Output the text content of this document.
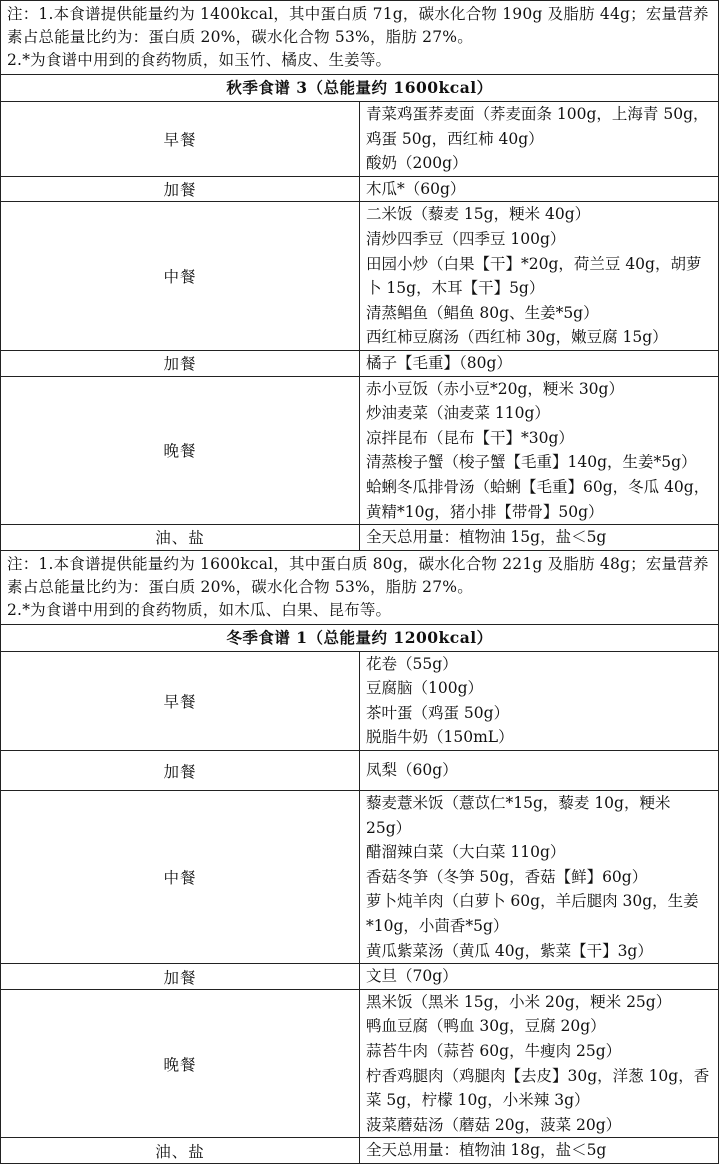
注：1.本食谱提供能量约为 1400kcal，其中蛋白质 71g，碳水化合物 190g 及脂肪 44g；宏量营养素占总能量比约为：蛋白质 20%，碳水化合物 53%，脂肪 27%。
2.*为食谱中用到的食药物质，如玉竹、橘皮、生姜等。	

秋季食谱 3（总能量约 1600kcal）	
早餐	青菜鸡蛋荞麦面（荞麦面条 100g，上海青 50g，鸡蛋 50g，西红柿 40g）
酸奶（200g）

加餐	木瓜*（60g）

中餐	二米饭（藜麦 15g，粳米 40g）
清炒四季豆（四季豆 100g）
田园小炒（白果【干】*20g，荷兰豆 40g，胡萝卜 15g，木耳【干】5g）
清蒸鲳鱼（鲳鱼 80g、生姜*5g）
西红柿豆腐汤（西红柿 30g，嫩豆腐 15g）

加餐	橘子【毛重】（80g）

晚餐	赤小豆饭（赤小豆*20g，粳米 30g）
炒油麦菜（油麦菜 110g）
凉拌昆布（昆布【干】*30g）
清蒸梭子蟹（梭子蟹【毛重】140g，生姜*5g）
蛤蜊冬瓜排骨汤（蛤蜊【毛重】60g，冬瓜 40g，黄精*10g，猪小排【带骨】50g）

油、盐	全天总用量：植物油 15g，盐＜5g

注：1.本食谱提供能量约为 1600kcal，其中蛋白质 80g，碳水化合物 221g 及脂肪 48g；宏量营养素占总能量比约为：蛋白质 20%，碳水化合物 53%，脂肪 27%。
2.*为食谱中用到的食药物质，如木瓜、白果、昆布等。	

冬季食谱 1（总能量约 1200kcal）	
早餐	花卷（55g）
豆腐脑（100g）
茶叶蛋（鸡蛋 50g）
脱脂牛奶（150mL）

加餐	凤梨（60g）

中餐	藜麦薏米饭（薏苡仁*15g，藜麦 10g，粳米 25g）
醋溜辣白菜（大白菜 110g）
香菇冬笋（冬笋 50g，香菇【鲜】60g）
萝卜炖羊肉（白萝卜 60g，羊后腿肉 30g，生姜*10g，小茴香*5g）
黄瓜紫菜汤（黄瓜 40g，紫菜【干】3g）

加餐	文旦（70g）

晚餐	黑米饭（黑米 15g，小米 20g，粳米 25g）
鸭血豆腐（鸭血 30g，豆腐 20g）
蒜苔牛肉（蒜苔 60g，牛瘦肉 25g）
柠香鸡腿肉（鸡腿肉【去皮】30g，洋葱 10g，香菜 5g，柠檬 10g，小米辣 3g）
菠菜蘑菇汤（蘑菇 20g，菠菜 20g）

油、盐	全天总用量：植物油 18g，盐＜5g
